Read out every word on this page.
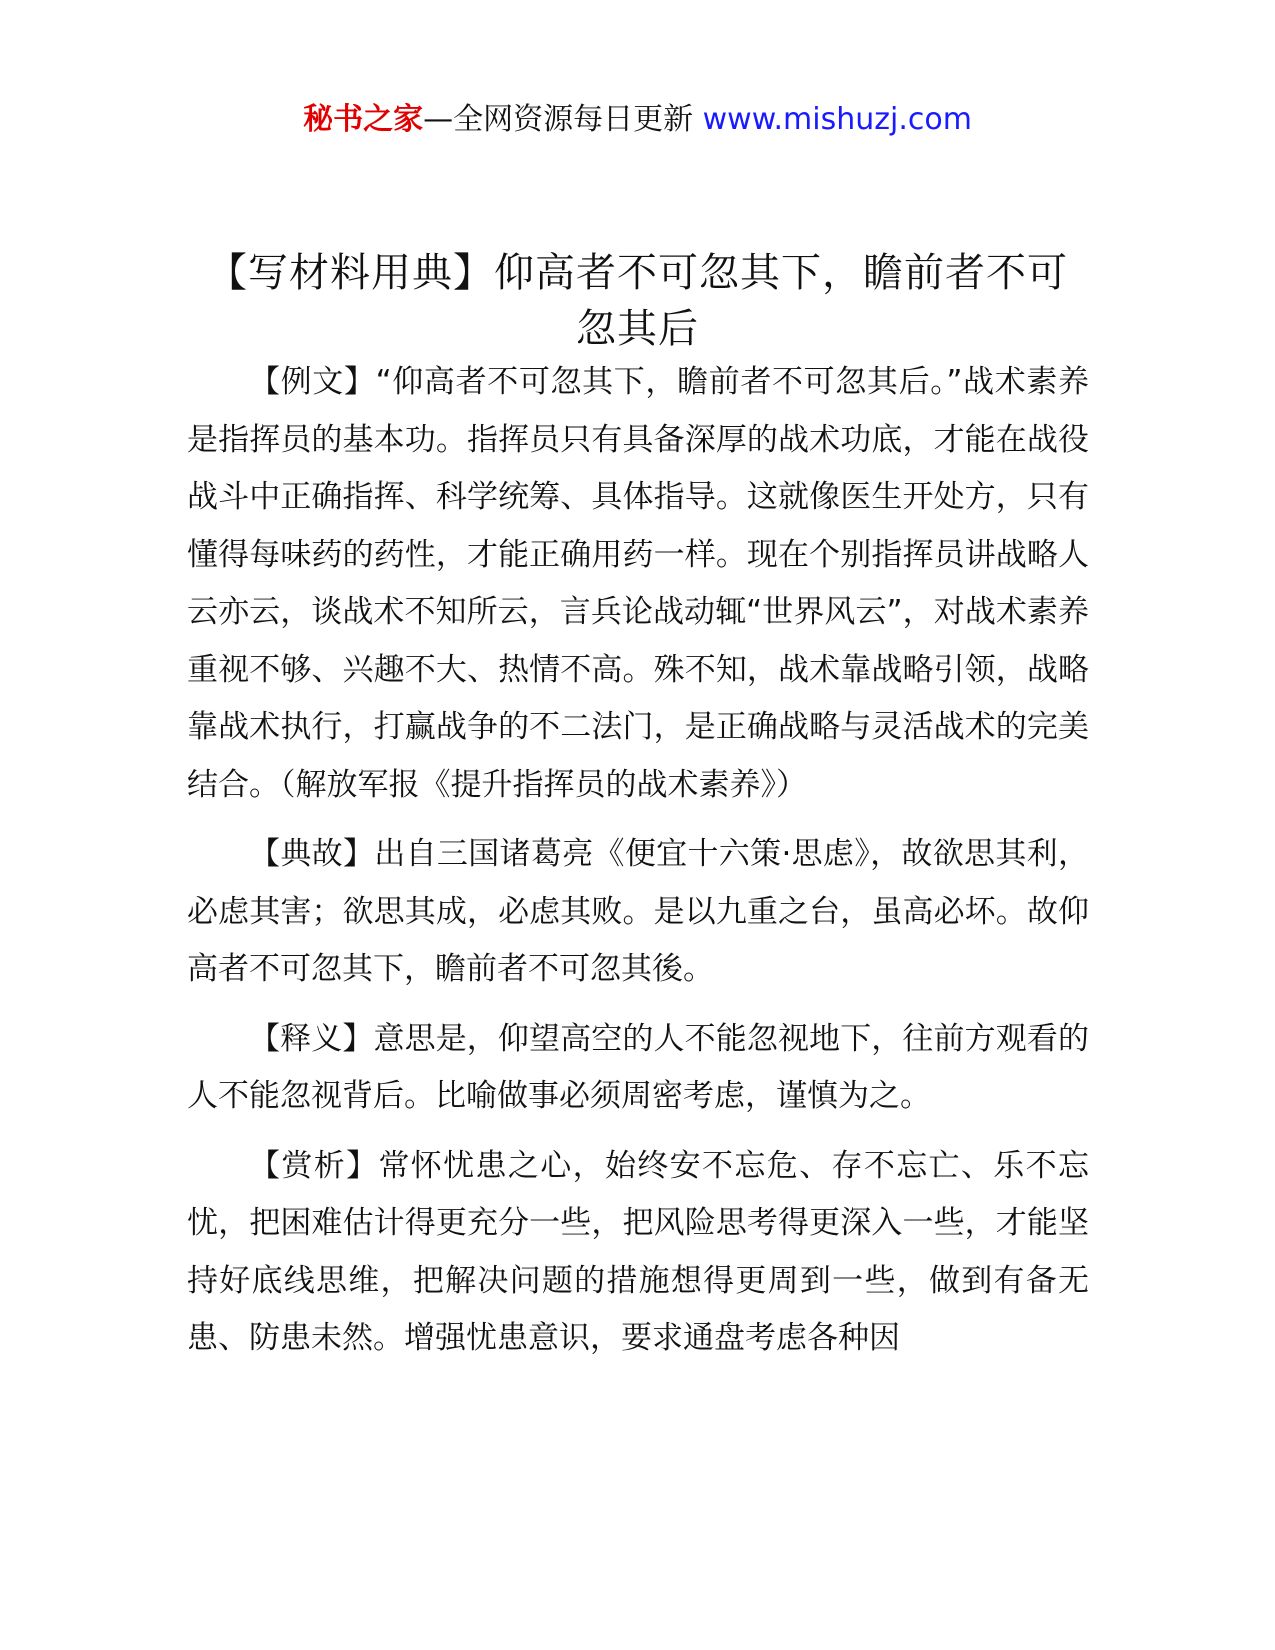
秘书之家—全网资源每日更新 www.mishuzj.com
【写材料用典】仰高者不可忽其下，瞻前者不可忽其后

【例文】“仰高者不可忽其下，瞻前者不可忽其后。”战术素养是指挥员的基本功。指挥员只有具备深厚的战术功底，才能在战役战斗中正确指挥、科学统筹、具体指导。这就像医生开处方，只有懂得每味药的药性，才能正确用药一样。现在个别指挥员讲战略人云亦云，谈战术不知所云，言兵论战动辄“世界风云”，对战术素养重视不够、兴趣不大、热情不高。殊不知，战术靠战略引领，战略靠战术执行，打赢战争的不二法门，是正确战略与灵活战术的完美结合。（解放军报《提升指挥员的战术素养》）

【典故】出自三国诸葛亮《便宜十六策·思虑》，故欲思其利，必虑其害；欲思其成，必虑其败。是以九重之台，虽高必坏。故仰高者不可忽其下，瞻前者不可忽其後。

【释义】意思是，仰望高空的人不能忽视地下，往前方观看的人不能忽视背后。比喻做事必须周密考虑，谨慎为之。

【赏析】常怀忧患之心，始终安不忘危、存不忘亡、乐不忘忧，把困难估计得更充分一些，把风险思考得更深入一些，才能坚持好底线思维，把解决问题的措施想得更周到一些，做到有备无患、防患未然。增强忧患意识，要求通盘考虑各种因
